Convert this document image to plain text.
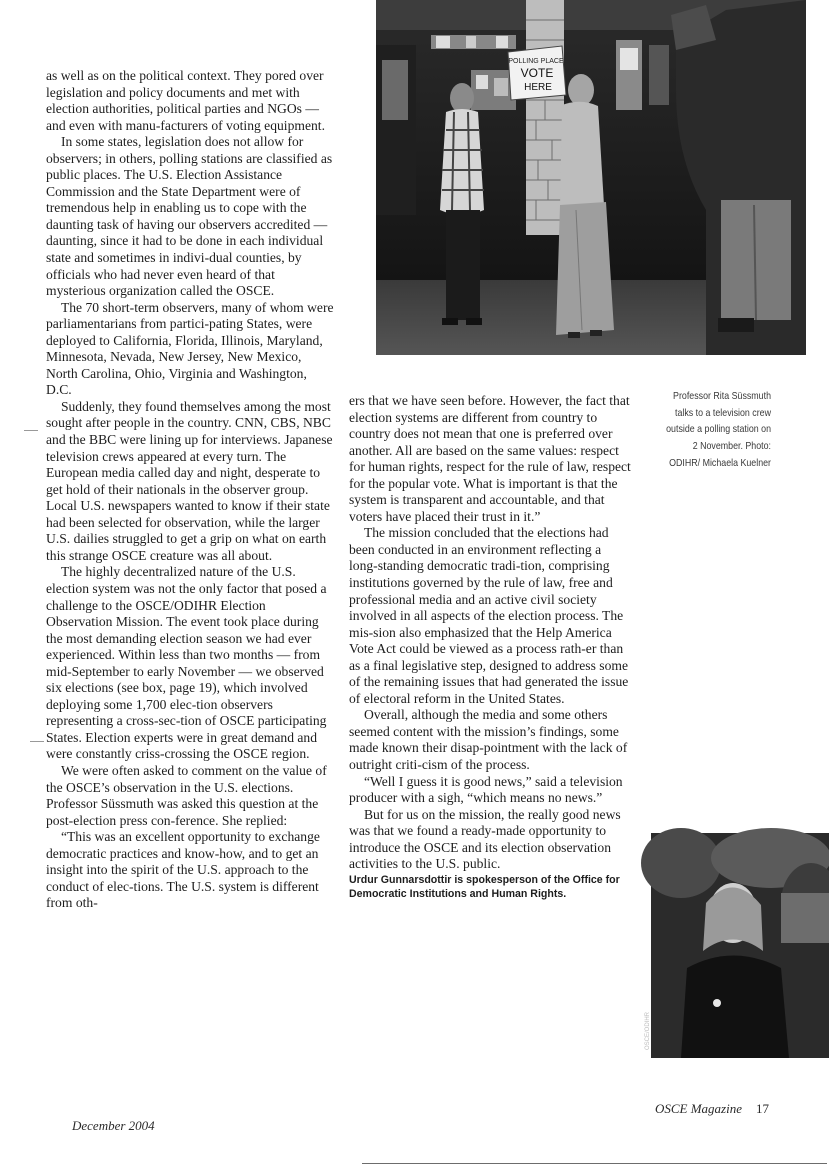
as well as on the political context. They pored over legislation and policy documents and met with election authorities, political parties and NGOs — and even with manu-facturers of voting equipment.

In some states, legislation does not allow for observers; in others, polling stations are classified as public places. The U.S. Election Assistance Commission and the State Department were of tremendous help in enabling us to cope with the daunting task of having our observers accredited — daunting, since it had to be done in each individual state and sometimes in indivi-dual counties, by officials who had never even heard of that mysterious organization called the OSCE.

The 70 short-term observers, many of whom were parliamentarians from partici-pating States, were deployed to California, Florida, Illinois, Maryland, Minnesota, Nevada, New Jersey, New Mexico, North Carolina, Ohio, Virginia and Washington, D.C.

Suddenly, they found themselves among the most sought after people in the country. CNN, CBS, NBC and the BBC were lining up for interviews. Japanese television crews appeared at every turn. The European media called day and night, desperate to get hold of their nationals in the observer group. Local U.S. newspapers wanted to know if their state had been selected for observation, while the larger U.S. dailies struggled to get a grip on what on earth this strange OSCE creature was all about.

The highly decentralized nature of the U.S. election system was not the only factor that posed a challenge to the OSCE/ODIHR Election Observation Mission. The event took place during the most demanding election season we had ever experienced. Within less than two months — from mid-September to early November — we observed six elections (see box, page 19), which involved deploying some 1,700 elec-tion observers representing a cross-sec-tion of OSCE participating States. Election experts were in great demand and were constantly criss-crossing the OSCE region.

We were often asked to comment on the value of the OSCE’s observation in the U.S. elections. Professor Süssmuth was asked this question at the post-election press con-ference. She replied:

“This was an excellent opportunity to exchange democratic practices and know-how, and to get an insight into the spirit of the U.S. approach to the conduct of elec-tions. The U.S. system is different from oth-

ers that we have seen before. However, the fact that election systems are different from country to country does not mean that one is preferred over another. All are based on the same values: respect for human rights, respect for the rule of law, respect for the popular vote. What is important is that the system is transparent and accountable, and that voters have placed their trust in it.”

The mission concluded that the elections had been conducted in an environment reflecting a long-standing democratic tradi-tion, comprising institutions governed by the rule of law, free and professional media and an active civil society involved in all aspects of the election process. The mis-sion also emphasized that the Help America Vote Act could be viewed as a process rath-er than as a final legislative step, designed to address some of the remaining issues that had generated the issue of electoral reform in the United States.

Overall, although the media and some others seemed content with the mission’s findings, some made known their disap-pointment with the lack of outright criti-cism of the process.

“Well I guess it is good news,” said a television producer with a sigh, “which means no news.”

But for us on the mission, the really good news was that we found a ready-made opportunity to introduce the OSCE and its election observation activities to the U.S. public.

Urdur Gunnarsdottir is spokesperson of the Office for Democratic Institutions and Human Rights.

POLLING PLACE
VOTE
HERE
Professor Rita Süssmuth talks to a television crew outside a polling station on 2 November. Photo: ODIHR/ Michaela Kuelner
OSCE/ODIHR
December 2004
OSCE Magazine 17
